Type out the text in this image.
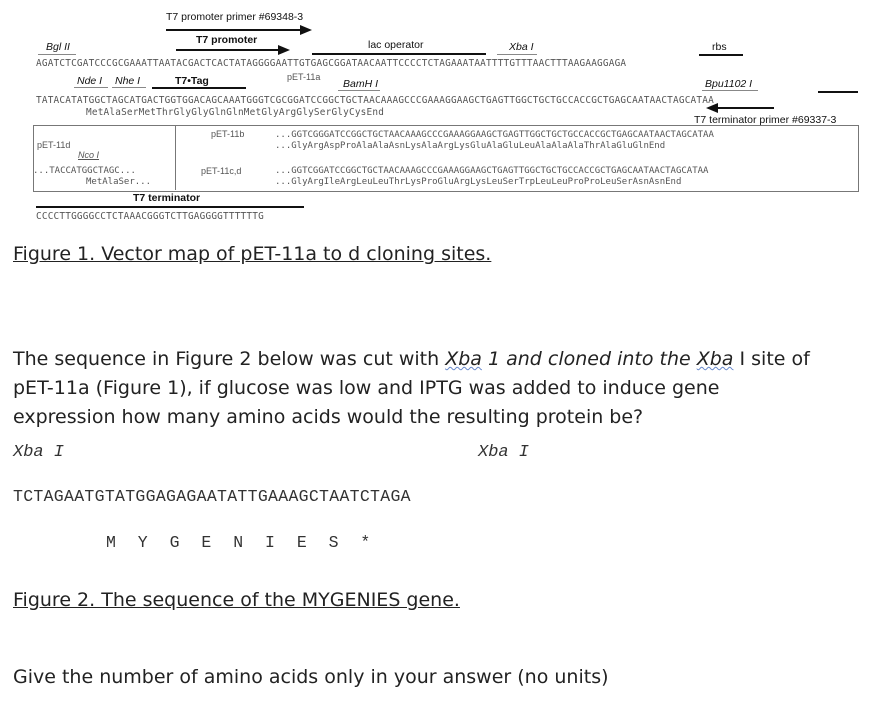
T7 promoter primer #69348-3
Bgl II
T7 promoter	lac operator	Xba I	rbs
AGATCTCGATCCCGCGAAATTAATACGACTCACTATAGGGGAATTGTGAGCGGATAACAATTCCCCTCTAGAAATAATTTTGTTTAACTTTAAGAAGGAGA
Nde I Nhe I	T7•Tag	pET-11a
BamH I	Bpu1102 I
TATACATATGGCTAGCATGACTGGTGGACAGCAAATGGGTCGCGGATCCGGCTGCTAACAAAGCCCGAAAGGAAGCTGAGTTGGCTGCTGCCACCGCTGAGCAATAACTAGCATAA
MetAlaSerMetThrGlyGlyGlnGlnMetGlyArgGlySerGlyCysEnd
T7 terminator primer #69337-3
pET-11b	...GGTCGGGATCCGGCTGCTAACAAAGCCCGAAAGGAAGCTGAGTTGGCTGCTGCCACCGCTGAGCAATAACTAGCATAA
...GlyArgAspProAlaAlaAsnLysAlaArgLysGluAlaGluLeuAlaAlaAlaThrAlaGluGlnEnd
pET-11d
Nco I
pET-11c,d
...TACCATGGCTAGC...
MetAlaSer...
...GGTCGGATCCGGCTGCTAACAAAGCCCGAAAGGAAGCTGAGTTGGCTGCTGCCACCGCTGAGCAATAACTAGCATAA
...GlyArgIleArgLeuLeuThrLysProGluArgLysLeuSerTrpLeuLeuProProLeuSerAsnAsnEnd
T7 terminator
CCCCTTGGGGCCTCTAAACGGGTCTTGAGGGGTTTTTTG
Figure 1. Vector map of pET-11a to d cloning sites.
The sequence in Figure 2 below was cut with Xba 1 and cloned into the Xba I site of pET-11a (Figure 1), if glucose was low and IPTG was added to induce gene expression how many amino acids would the resulting protein be?
Xba I	Xba I
TCTAGAATGTATGGAGAGAATATTGAAAGCTAATCTAGA
M Y G E N I E S *
Figure 2. The sequence of the MYGENIES gene.
Give the number of amino acids only in your answer (no units)
